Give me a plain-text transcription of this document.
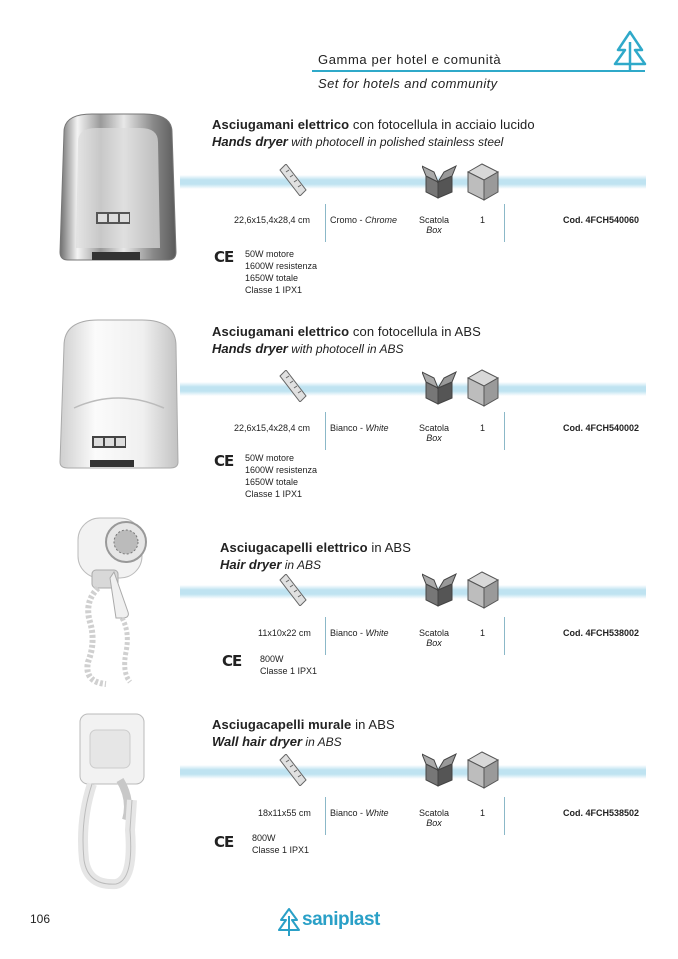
Gamma per hotel e comunità
Set for hotels and community
Asciugamani elettrico con fotocellula in acciaio lucido
Hands dryer with photocell in polished stainless steel
22,6x15,4x28,4 cm Cromo - Chrome	Scatola
Box
1	Cod. 4FCH540060
CE 50W motore
1600W resistenza
1650W totale
Classe 1 IPX1
Asciugamani elettrico con fotocellula in ABS
Hands dryer with photocell in ABS
22,6x15,4x28,4 cm Bianco - White	Scatola
Box
1	Cod. 4FCH540002
CE 50W motore
1600W resistenza
1650W totale
Classe 1 IPX1
Asciugacapelli elettrico in ABS
Hair dryer in ABS
11x10x22 cm Bianco - White	Scatola
Box
1	Cod. 4FCH538002
CE 800W
Classe 1 IPX1
Asciugacapelli murale in ABS
Wall hair dryer in ABS
18x11x55 cm Bianco - White	Scatola
Box
1	Cod. 4FCH538502
CE 800W
Classe 1 IPX1
106	saniplast
